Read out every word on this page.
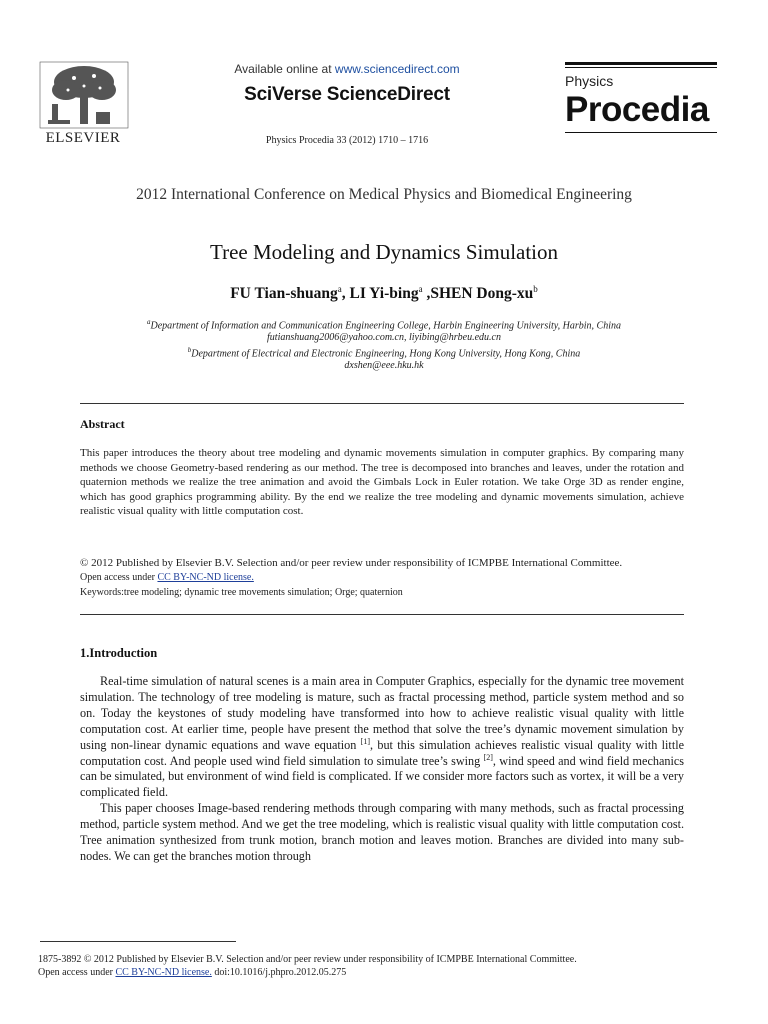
ELSEVIER
Available online at www.sciencedirect.com
SciVerse ScienceDirect
Physics Procedia 33 (2012) 1710 – 1716
Physics
Procedia
2012 International Conference on Medical Physics and Biomedical Engineering
Tree Modeling and Dynamics Simulation
FU Tian-shuang$^a$, LI Yi-bing$^a$ ,SHEN Dong-$xu^b$
$^a$Department of Information and Communication Engineering College, Harbin Engineering University, Harbin, China
futianshuang2006@yahoo.com.cn, liyibing@hrbeu.edu.cn
$^b$Department of Electrical and Electronic Engineering, Hong Kong University, Hong Kong, China
dxshen@eee.hku.hk
Abstract
This paper introduces the theory about tree modeling and dynamic movements simulation in computer graphics. By comparing many methods we choose Geometry-based rendering as our method. The tree is decomposed into branches and leaves, under the rotation and quaternion methods we realize the tree animation and avoid the Gimbals Lock in Euler rotation. We take Orge 3D as render engine, which has good graphics programming ability. By the end we realize the tree modeling and dynamic movements simulation, achieve realistic visual quality with little computation cost.
© 2012 Published by Elsevier B.V. Selection and/or peer review under responsibility of ICMPBE International Committee.
Open access under CC BY-NC-ND license.
Keywords:tree modeling; dynamic tree movements simulation; Orge; quaternion
1.Introduction

Real-time simulation of natural scenes is a main area in Computer Graphics, especially for the dynamic tree movement simulation. The technology of tree modeling is mature, such as fractal processing method, particle system method and so on. Today the keystones of study modeling have transformed into how to achieve realistic visual quality with little computation cost. At earlier time, people have present the method that solve the tree’s dynamic movement simulation by using non-linear dynamic equations and wave equation [1], but this simulation achieves realistic visual quality with little computation cost. And people used wind field simulation to simulate tree’s swing [2], wind speed and wind field mechanics can be simulated, but environment of wind field is complicated. If we consider more factors such as vortex, it will be a very complicated field.

This paper chooses Image-based rendering methods through comparing with many methods, such as fractal processing method, particle system method. And we get the tree modeling, which is realistic visual quality with little computation cost. Tree animation synthesized from trunk motion, branch motion and leaves motion. Branches are divided into many sub-nodes. We can get the branches motion through

1875-3892 © 2012 Published by Elsevier B.V. Selection and/or peer review under responsibility of ICMPBE International Committee.
Open access under CC BY-NC-ND license. doi:10.1016/j.phpro.2012.05.275
